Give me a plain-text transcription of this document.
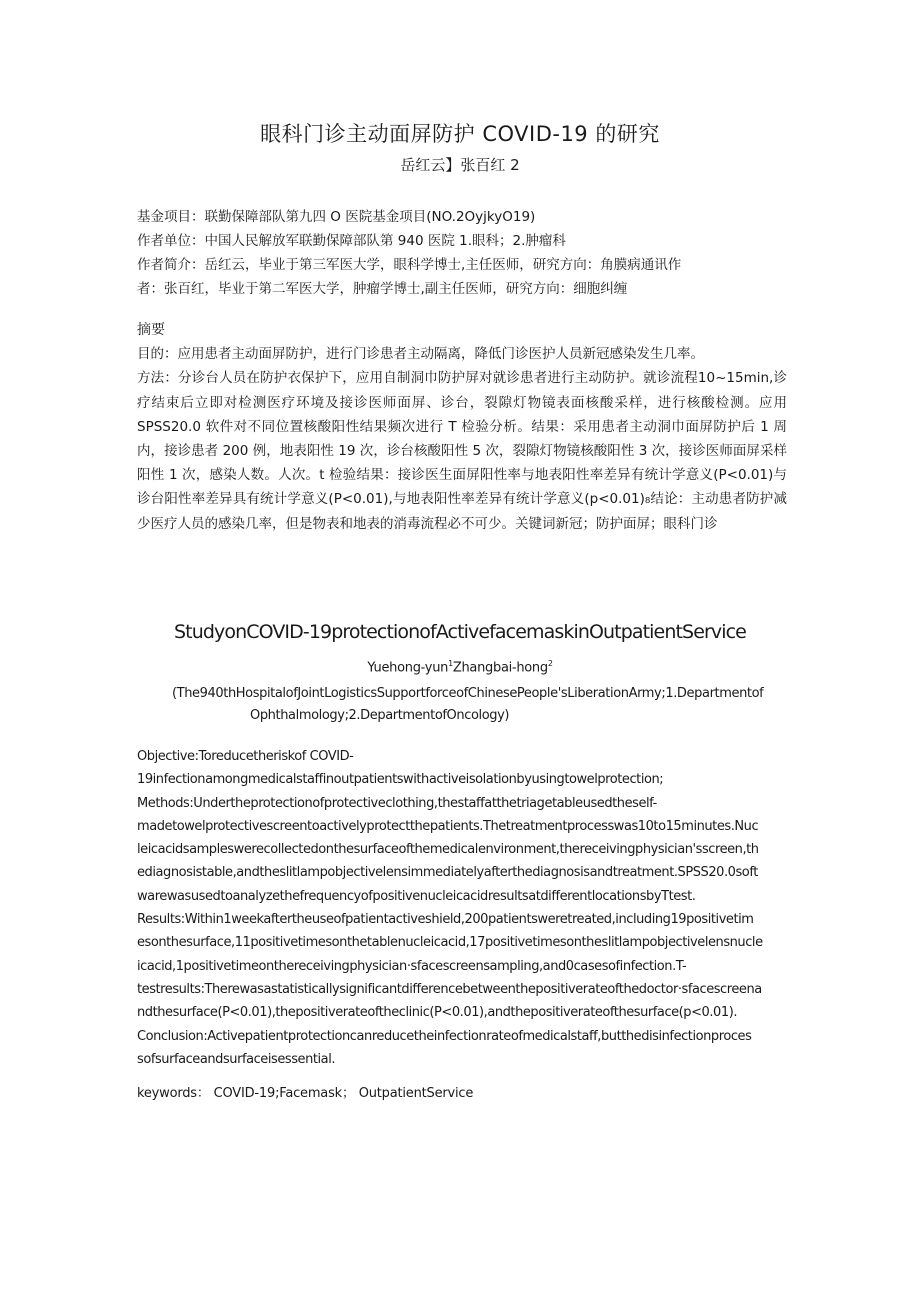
眼科门诊主动面屏防护 COVID-19 的研究
岳红云】张百红 2
基金项目：联勤保障部队第九四 O 医院基金项目(NO.2OyjkyO19)
作者单位：中国人民解放军联勤保障部队第 940 医院 1.眼科；2.肿瘤科
作者简介：岳红云，毕业于第三军医大学，眼科学博士,主任医师，研究方向：角膜病通讯作
者：张百红，毕业于第二军医大学，肿瘤学博士,副主任医师，研究方向：细胞纠缠

摘要

目的：应用患者主动面屏防护，进行门诊患者主动隔离，降低门诊医护人员新冠感染发生几率。

方法：分诊台人员在防护衣保护下，应用自制洞巾防护屏对就诊患者进行主动防护。就诊流程10~15min,诊疗结束后立即对检测医疗环境及接诊医师面屏、诊台，裂隙灯物镜表面核酸采样，进行核酸检测。应用 SPSS20.0 软件对不同位置核酸阳性结果频次进行 T 检验分析。结果：采用患者主动洞巾面屏防护后 1 周内，接诊患者 200 例，地表阳性 19 次，诊台核酸阳性 5 次，裂隙灯物镜核酸阳性 3 次，接诊医师面屏采样阳性 1 次，感染人数。人次。t 检验结果：接诊医生面屏阳性率与地表阳性率差异有统计学意义(P<0.01)与诊台阳性率差异具有统计学意义(P<0.01),与地表阳性率差异有统计学意义(p<0.01)₈结论：主动患者防护减少医疗人员的感染几率，但是物表和地表的消毒流程必不可少。关键词新冠；防护面屏；眼科门诊

StudyonCOVID-19protectionofActivefacemaskinOutpatientService
Yuehong-yun$^1$Zhangbai-hong$^2$
(The940thHospitalofJointLogisticsSupportforceofChinesePeople'sLiberationArmy;1.Departmentof
Ophthalmology;2.DepartmentofOncology)
Objective:Toreducetheriskof COVID-
19infectionamongmedicalstaffinoutpatientswithactiveisolationbyusingtowelprotection;
Methods:Undertheprotectionofprotectiveclothing,thestaffatthetriagetableusedtheself-
madetowelprotectivescreentoactivelyprotectthepatients.Thetreatmentprocesswas10to15minutes.Nuc
leicacidsampleswerecollectedonthesurfaceofthemedicalenvironment,thereceivingphysician'sscreen,th
ediagnosistable,andtheslitlampobjectivelensimmediatelyafterthediagnosisandtreatment.SPSS20.0soft
warewasusedtoanalyzethefrequencyofpositivenucleicacidresultsatdifferentlocationsbyTtest.
Results:Within1weekaftertheuseofpatientactiveshield,200patientsweretreated,including19positivetim
esonthesurface,11positivetimesonthetablenucleicacid,17positivetimesontheslitlampobjectivelensnucle
icacid,1positivetimeonthereceivingphysician·sfacescreensampling,and0casesofinfection.T-
testresults:Therewasastatisticallysignificantdifferencebetweenthepositiverateofthedoctor·sfacescreena
ndthesurface(P<0.01),thepositiverateoftheclinic(P<0.01),andthepositiverateofthesurface(p<0.01).
Conclusion:Activepatientprotectioncanreducetheinfectionrateofmedicalstaff,butthedisinfectionproces
sofsurfaceandsurfaceisessential.
keywords： COVID-19;Facemask； OutpatientService
